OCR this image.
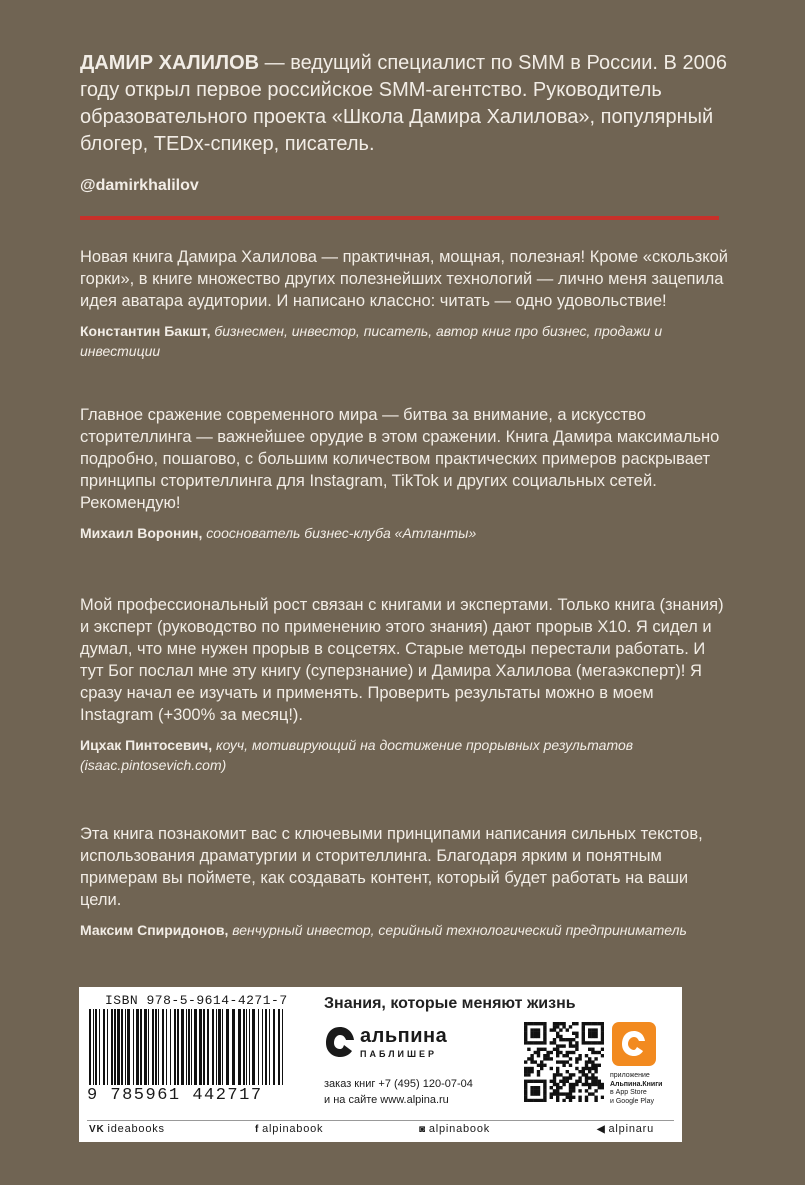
ДАМИР ХАЛИЛОВ — ведущий специалист по SMM в России. В 2006 году открыл первое российское SMM-агентство. Руководитель образовательного проекта «Школа Дамира Халилова», популярный блогер, TEDx-спикер, писатель.
@damirkhalilov

Новая книга Дамира Халилова — практичная, мощная, полезная! Кроме «скользкой горки», в книге множество других полезнейших технологий — лично меня зацепила идея аватара аудитории. И написано классно: читать — одно удовольствие!

Константин Бакшт, бизнесмен, инвестор, писатель, автор книг про бизнес, продажи и инвестиции

Главное сражение современного мира — битва за внимание, а искусство сторителлинга — важнейшее орудие в этом сражении. Книга Дамира максимально подробно, пошагово, с большим количеством практических примеров раскрывает принципы сторителлинга для Instagram, TikTok и других социальных сетей. Рекомендую!

Михаил Воронин, сооснователь бизнес-клуба «Атланты»

Мой профессиональный рост связан с книгами и экспертами. Только книга (знания) и эксперт (руководство по применению этого знания) дают прорыв Х10. Я сидел и думал, что мне нужен прорыв в соцсетях. Старые методы перестали работать. И тут Бог послал мне эту книгу (суперзнание) и Дамира Халилова (мегаэксперт)! Я сразу начал ее изучать и применять. Проверить результаты можно в моем Instagram (+300% за месяц!).

Ицхак Пинтосевич, коуч, мотивирующий на достижение прорывных результатов (isaac.pintosevich.com)

Эта книга познакомит вас с ключевыми принципами написания сильных текстов, использования драматургии и сторителлинга. Благодаря ярким и понятным примерам вы поймете, как создавать контент, который будет работать на ваши цели.

Максим Спиридонов, венчурный инвестор, серийный технологический предприниматель
ISBN 978-5-9614-4271-7
9 785961 442717
Знания, которые меняют жизнь
альпина
ПАБЛИШЕР
заказ книг +7 (495) 120-07-04
и на сайте www.alpina.ru
приложение
Альпина.Книги
в App Store
и Google Play
VK ideabooks	f alpinabook	◙ alpinabook	◀ alpinaru
